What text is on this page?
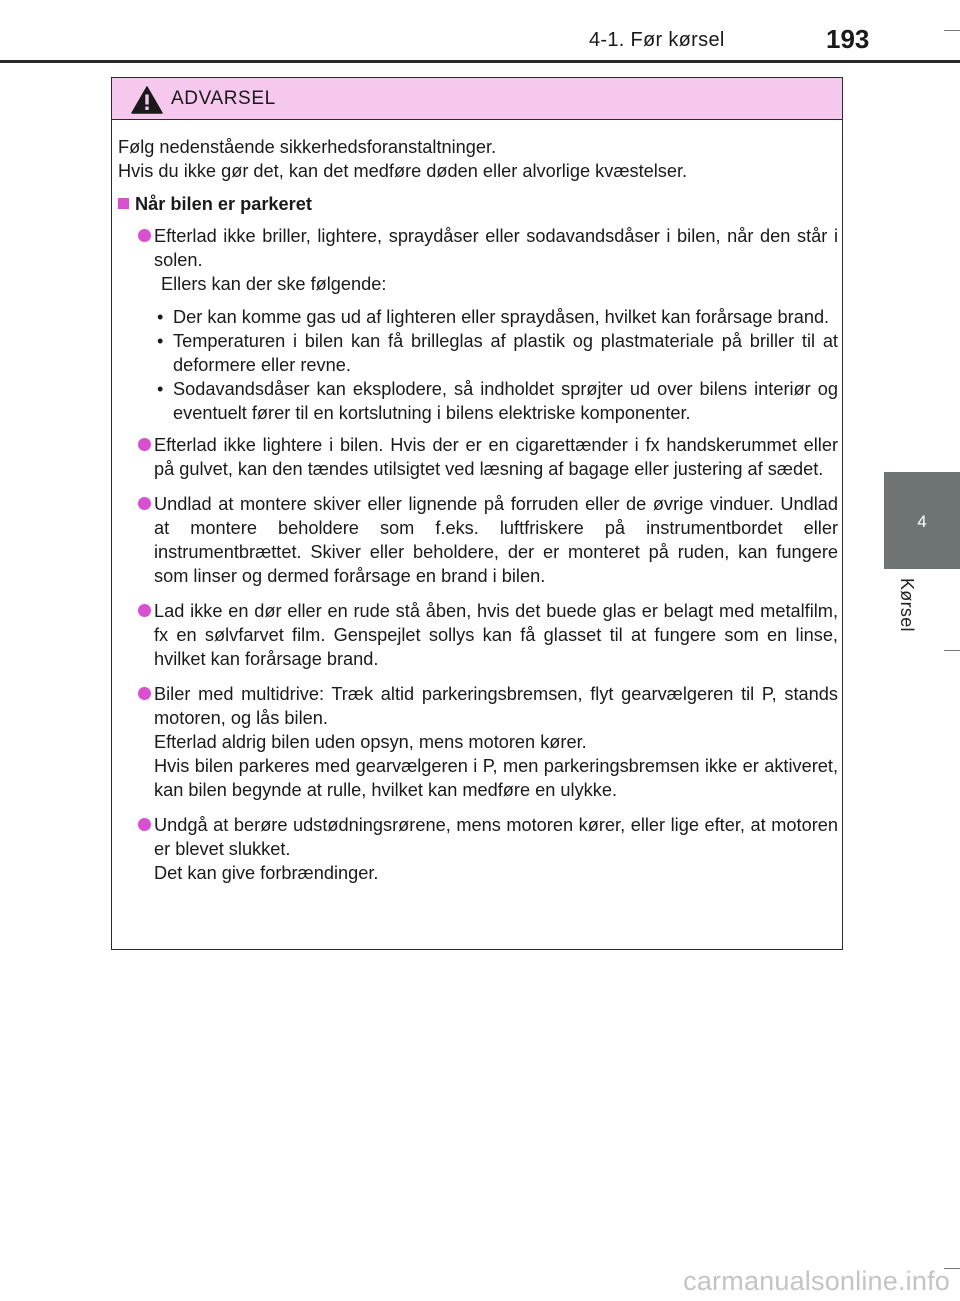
4-1. Før kørsel	193
4
Kørsel
ADVARSEL

Følg nedenstående sikkerhedsforanstaltninger.

Hvis du ikke gør det, kan det medføre døden eller alvorlige kvæstelser.

Når bilen er parkeret

Efterlad ikke briller, lightere, spraydåser eller sodavandsdåser i bilen, når den står i solen.

Ellers kan der ske følgende:

• Der kan komme gas ud af lighteren eller spraydåsen, hvilket kan forårsage brand.
• Temperaturen i bilen kan få brilleglas af plastik og plastmateriale på briller til at deformere eller revne.
• Sodavandsdåser kan eksplodere, så indholdet sprøjter ud over bilens interiør og eventuelt fører til en kortslutning i bilens elektriske komponenter.

Efterlad ikke lightere i bilen. Hvis der er en cigarettænder i fx handskerummet eller på gulvet, kan den tændes utilsigtet ved læsning af bagage eller justering af sædet.

Undlad at montere skiver eller lignende på forruden eller de øvrige vinduer. Undlad at montere beholdere som f.eks. luftfriskere på instrumentbordet eller instrumentbrættet. Skiver eller beholdere, der er monteret på ruden, kan fungere som linser og dermed forårsage en brand i bilen.

Lad ikke en dør eller en rude stå åben, hvis det buede glas er belagt med metalfilm, fx en sølvfarvet film. Genspejlet sollys kan få glasset til at fungere som en linse, hvilket kan forårsage brand.

Biler med multidrive: Træk altid parkeringsbremsen, flyt gearvælgeren til P, stands motoren, og lås bilen.

Efterlad aldrig bilen uden opsyn, mens motoren kører.

Hvis bilen parkeres med gearvælgeren i P, men parkeringsbremsen ikke er aktiveret, kan bilen begynde at rulle, hvilket kan medføre en ulykke.

Undgå at berøre udstødningsrørene, mens motoren kører, eller lige efter, at motoren er blevet slukket.

Det kan give forbrændinger.

carmanualsonline.info
